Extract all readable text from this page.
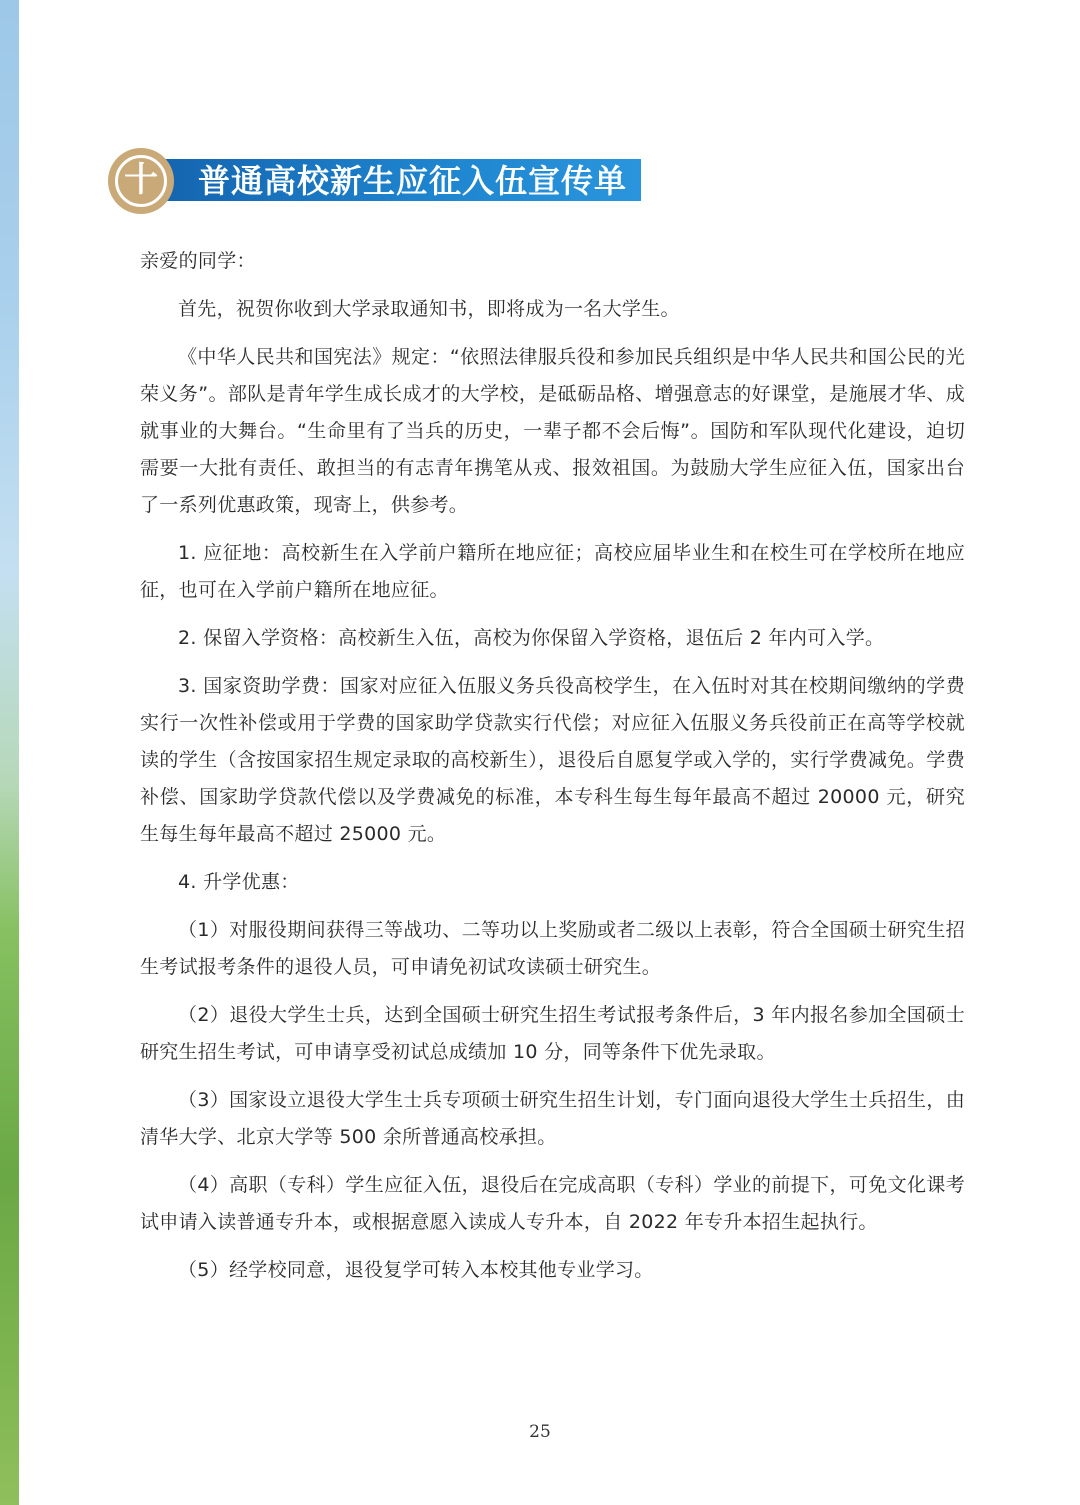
十 普通高校新生应征入伍宣传单

亲爱的同学：

首先，祝贺你收到大学录取通知书，即将成为一名大学生。

《中华人民共和国宪法》规定：“依照法律服兵役和参加民兵组织是中华人民共和国公民的光荣义务”。部队是青年学生成长成才的大学校，是砥砺品格、增强意志的好课堂，是施展才华、成就事业的大舞台。“生命里有了当兵的历史，一辈子都不会后悔”。国防和军队现代化建设，迫切需要一大批有责任、敢担当的有志青年携笔从戎、报效祖国。为鼓励大学生应征入伍，国家出台了一系列优惠政策，现寄上，供参考。

1. 应征地：高校新生在入学前户籍所在地应征；高校应届毕业生和在校生可在学校所在地应征，也可在入学前户籍所在地应征。

2. 保留入学资格：高校新生入伍，高校为你保留入学资格，退伍后 2 年内可入学。

3. 国家资助学费：国家对应征入伍服义务兵役高校学生，在入伍时对其在校期间缴纳的学费实行一次性补偿或用于学费的国家助学贷款实行代偿；对应征入伍服义务兵役前正在高等学校就读的学生（含按国家招生规定录取的高校新生），退役后自愿复学或入学的，实行学费减免。学费补偿、国家助学贷款代偿以及学费减免的标准，本专科生每生每年最高不超过 20000 元，研究生每生每年最高不超过 25000 元。

4. 升学优惠：

（1）对服役期间获得三等战功、二等功以上奖励或者二级以上表彰，符合全国硕士研究生招生考试报考条件的退役人员，可申请免初试攻读硕士研究生。

（2）退役大学生士兵，达到全国硕士研究生招生考试报考条件后，3 年内报名参加全国硕士研究生招生考试，可申请享受初试总成绩加 10 分，同等条件下优先录取。

（3）国家设立退役大学生士兵专项硕士研究生招生计划，专门面向退役大学生士兵招生，由清华大学、北京大学等 500 余所普通高校承担。

（4）高职（专科）学生应征入伍，退役后在完成高职（专科）学业的前提下，可免文化课考试申请入读普通专升本，或根据意愿入读成人专升本，自 2022 年专升本招生起执行。

（5）经学校同意，退役复学可转入本校其他专业学习。

25
